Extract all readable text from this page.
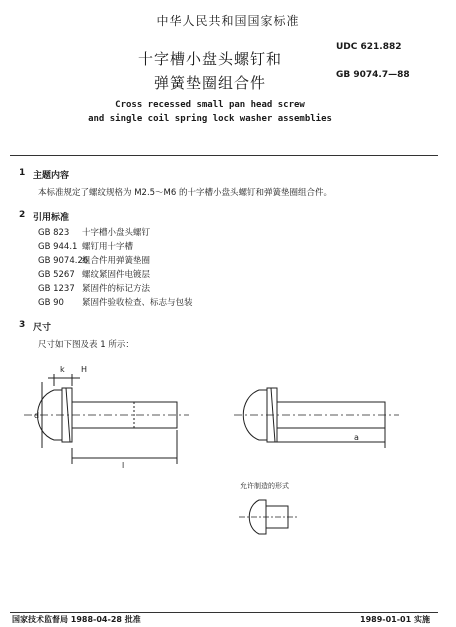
中华人民共和国国家标准
UDC 621.882
GB 9074.7—88
十字槽小盘头螺钉和
弹簧垫圈组合件
Cross recessed small pan head screw
and single coil spring lock washer assemblies
1 主题内容
本标准规定了螺纹规格为 M2.5～M6 的十字槽小盘头螺钉和弹簧垫圈组合件。
2 引用标准
GB 823 十字槽小盘头螺钉
GB 944.1 螺钉用十字槽
GB 9074.26组合件用弹簧垫圈
GB 5267 螺纹紧固件电镀层
GB 1237 紧固件的标记方法
GB 90 紧固件验收检查、标志与包装
3 尺寸
尺寸如下图及表 1 所示：
d
k
l
H
a
允许制造的形式
国家技术监督局 1988-04-28 批准	1989-01-01 实施
